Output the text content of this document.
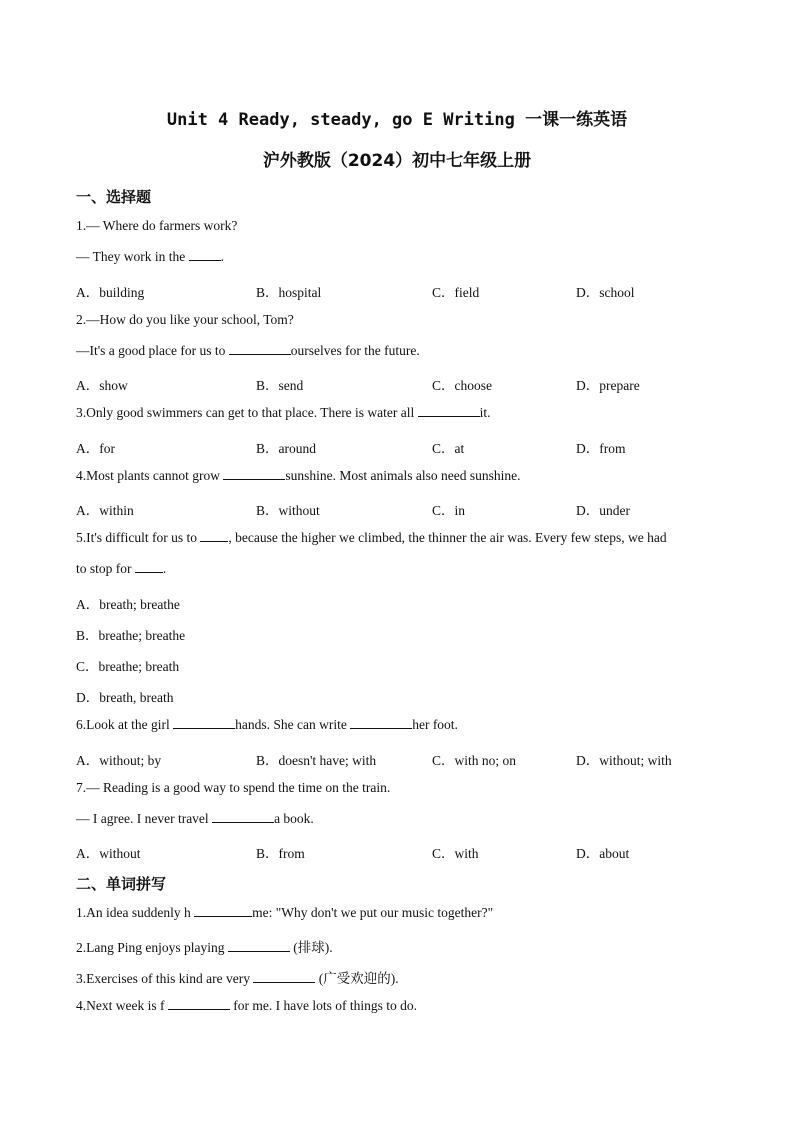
Unit 4 Ready, steady, go E Writing 一课一练英语
沪外教版（2024）初中七年级上册
一、选择题
1.— Where do farmers work?
— They work in the	.
A．building	B．hospital	C．field	D．school
2.—How do you like your school, Tom?
—It's a good place for us to	ourselves for the future.
A．show	B．send	C．choose	D．prepare
3.Only good swimmers can get to that place. There is water all	it.
A．for	B．around	C．at	D．from
4.Most plants cannot grow	sunshine. Most animals also need sunshine.
A．within	B．without	C．in	D．under
5.It's difficult for us to , because the higher we climbed, the thinner the air was. Every few steps, we had
to stop for .
A．breath; breathe
B．breathe; breathe
C．breathe; breath
D．breath, breath
6.Look at the girl	hands. She can write	her foot.
A．without; by	B．doesn't have; with	C．with no; on	D．without; with
7.— Reading is a good way to spend the time on the train.
— I agree. I never travel	a book.
A．without	B．from	C．with	D．about
二、单词拼写
1.An idea suddenly h	me: "Why don't we put our music together?"
2.Lang Ping enjoys playing	(排球).
3.Exercises of this kind are very	(广受欢迎的).
4.Next week is f	for me. I have lots of things to do.
